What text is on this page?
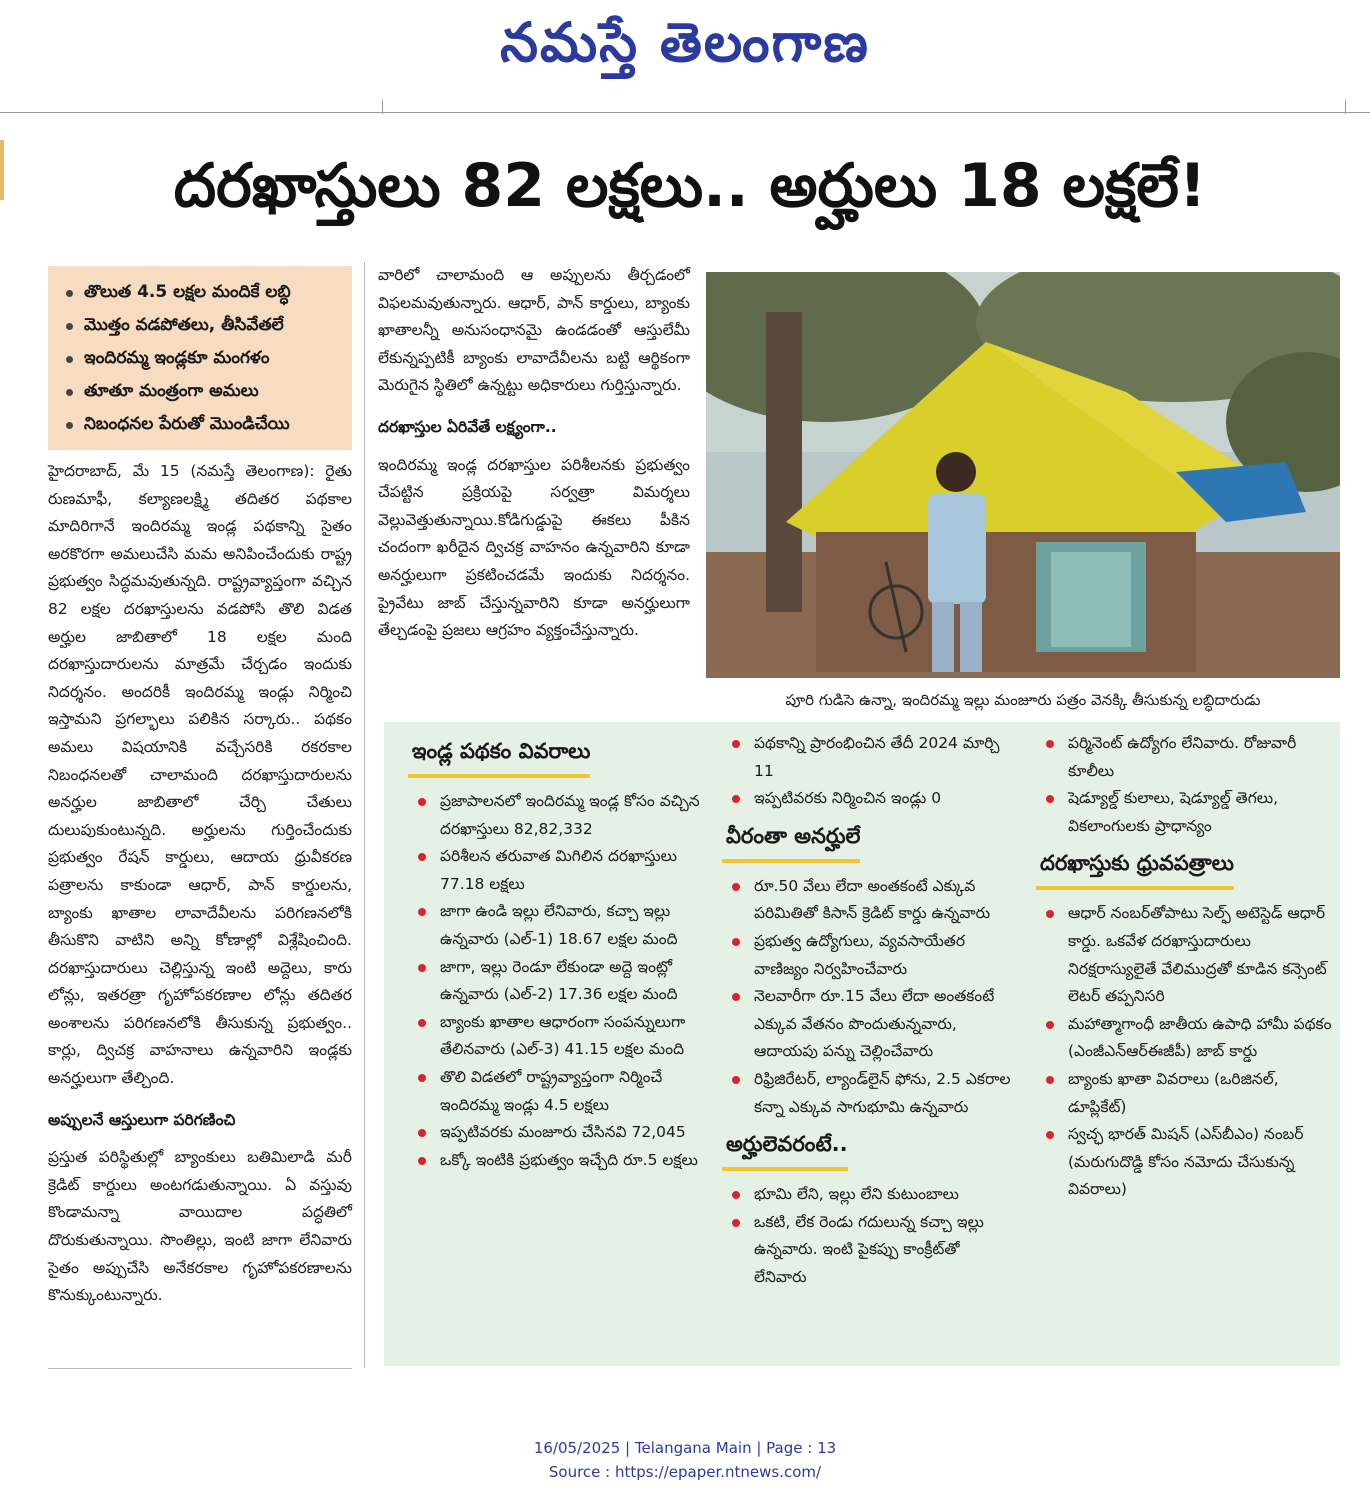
నమస్తే తెలంగాణ
దరఖాస్తులు 82 లక్షలు.. అర్హులు 18 లక్షలే!
తొలుత 4.5 లక్షల మందికే లబ్ధి
మొత్తం వడపోతలు, తీసివేతలే
ఇందిరమ్మ ఇండ్లకూ మంగళం
తూతూ మంత్రంగా అమలు
నిబంధనల పేరుతో మొండిచేయి

హైదరాబాద్, మే 15 (నమస్తే తెలంగాణ): రైతు రుణమాఫీ, కల్యాణలక్ష్మి తదితర పథకాల మాదిరిగానే ఇందిరమ్మ ఇండ్ల పథకాన్ని సైతం అరకొరగా అమలుచేసి మమ అనిపించేందుకు రాష్ట్ర ప్రభుత్వం సిద్ధమవుతున్నది. రాష్ట్రవ్యాప్తంగా వచ్చిన 82 లక్షల దరఖాస్తులను వడపోసి తొలి విడత అర్హుల జాబితాలో 18 లక్షల మంది దరఖాస్తుదారులను మాత్రమే చేర్చడం ఇందుకు నిదర్శనం. అందరికీ ఇందిరమ్మ ఇండ్లు నిర్మించి ఇస్తామని ప్రగల్భాలు పలికిన సర్కారు.. పథకం అమలు విషయానికి వచ్చేసరికి రకరకాల నిబంధనలతో చాలామంది దరఖాస్తుదారులను అనర్హుల జాబితాలో చేర్చి చేతులు దులుపుకుంటున్నది. అర్హులను గుర్తించేందుకు ప్రభుత్వం రేషన్ కార్డులు, ఆదాయ ధ్రువీకరణ పత్రాలను కాకుండా ఆధార్, పాన్ కార్డులను, బ్యాంకు ఖాతాల లావాదేవీలను పరిగణనలోకి తీసుకొని వాటిని అన్ని కోణాల్లో విశ్లేషించింది. దరఖాస్తుదారులు చెల్లిస్తున్న ఇంటి అద్దెలు, కారు లోన్లు, ఇతరత్రా గృహోపకరణాల లోన్లు తదితర అంశాలను పరిగణనలోకి తీసుకున్న ప్రభుత్వం.. కార్లు, ద్విచక్ర వాహనాలు ఉన్నవారిని ఇండ్లకు అనర్హులుగా తేల్చింది.

అప్పులనే ఆస్తులుగా పరిగణించి

ప్రస్తుత పరిస్థితుల్లో బ్యాంకులు బతిమిలాడి మరీ క్రెడిట్ కార్డులు అంటగడుతున్నాయి. ఏ వస్తువు కొండామన్నా వాయిదాల పద్ధతిలో దొరుకుతున్నాయి. సొంతిల్లు, ఇంటి జాగా లేనివారు సైతం అప్పుచేసి అనేకరకాల గృహోపకరణాలను కొనుక్కుంటున్నారు.

వారిలో చాలామంది ఆ అప్పులను తీర్చడంలో విఫలమవుతున్నారు. ఆధార్, పాన్ కార్డులు, బ్యాంకు ఖాతాలన్నీ అనుసంధానమై ఉండడంతో ఆస్తులేమీ లేకున్నప్పటికీ బ్యాంకు లావాదేవీలను బట్టి ఆర్థికంగా మెరుగైన స్థితిలో ఉన్నట్టు అధికారులు గుర్తిస్తున్నారు.

దరఖాస్తుల ఏరివేతే లక్ష్యంగా..

ఇందిరమ్మ ఇండ్ల దరఖాస్తుల పరిశీలనకు ప్రభుత్వం చేపట్టిన ప్రక్రియపై సర్వత్రా విమర్శలు వెల్లువెత్తుతున్నాయి.కోడిగుడ్డుపై ఈకలు పీకిన చందంగా ఖరీదైన ద్విచక్ర వాహనం ఉన్నవారిని కూడా అనర్హులుగా ప్రకటించడమే ఇందుకు నిదర్శనం. ప్రైవేటు జాబ్ చేస్తున్నవారిని కూడా అనర్హులుగా తేల్చడంపై ప్రజలు ఆగ్రహం వ్యక్తంచేస్తున్నారు.

పూరి గుడిసె ఉన్నా, ఇందిరమ్మ ఇల్లు మంజూరు పత్రం వెనక్కి తీసుకున్న లబ్ధిదారుడు
ఇండ్ల పథకం వివరాలు
ప్రజాపాలనలో ఇందిరమ్మ ఇండ్ల కోసం వచ్చిన దరఖాస్తులు 82,82,332
పరిశీలన తరువాత మిగిలిన దరఖాస్తులు 77.18 లక్షలు
జాగా ఉండి ఇల్లు లేనివారు, కచ్చా ఇల్లు ఉన్నవారు (ఎల్-1) 18.67 లక్షల మంది
జాగా, ఇల్లు రెండూ లేకుండా అద్దె ఇంట్లో ఉన్నవారు (ఎల్-2) 17.36 లక్షల మంది
బ్యాంకు ఖాతాల ఆధారంగా సంపన్నులుగా తేలినవారు (ఎల్-3) 41.15 లక్షల మంది
తొలి విడతలో రాష్ట్రవ్యాప్తంగా నిర్మించే ఇందిరమ్మ ఇండ్లు 4.5 లక్షలు
ఇప్పటివరకు మంజూరు చేసినవి 72,045
ఒక్కో ఇంటికి ప్రభుత్వం ఇచ్చేది రూ.5 లక్షలు
పథకాన్ని ప్రారంభించిన తేదీ 2024 మార్చి 11
ఇప్పటివరకు నిర్మించిన ఇండ్లు 0
వీరంతా అనర్హులే
రూ.50 వేలు లేదా అంతకంటే ఎక్కువ పరిమితితో కిసాన్ క్రెడిట్ కార్డు ఉన్నవారు
ప్రభుత్వ ఉద్యోగులు, వ్యవసాయేతర వాణిజ్యం నిర్వహించేవారు
నెలవారీగా రూ.15 వేలు లేదా అంతకంటే ఎక్కువ వేతనం పొందుతున్నవారు, ఆదాయపు పన్ను చెల్లించేవారు
రిఫ్రిజిరేటర్, ల్యాండ్‌లైన్ ఫోను, 2.5 ఎకరాల కన్నా ఎక్కువ సాగుభూమి ఉన్నవారు
అర్హులెవరంటే..
భూమి లేని, ఇల్లు లేని కుటుంబాలు
ఒకటి, లేక రెండు గదులున్న కచ్చా ఇల్లు ఉన్నవారు. ఇంటి పైకప్పు కాంక్రీట్‌తో లేనివారు
పర్మినెంట్ ఉద్యోగం లేనివారు. రోజువారీ కూలీలు
షెడ్యూల్డ్ కులాలు, షెడ్యూల్డ్ తెగలు, వికలాంగులకు ప్రాధాన్యం
దరఖాస్తుకు ధ్రువపత్రాలు
ఆధార్ నంబర్‌తోపాటు సెల్ఫ్ అటెస్టెడ్ ఆధార్ కార్డు. ఒకవేళ దరఖాస్తుదారులు నిరక్షరాస్యులైతే వేలిముద్రతో కూడిన కన్సెంట్ లెటర్ తప్పనిసరి
మహాత్మాగాంధీ జాతీయ ఉపాధి హామీ పథకం (ఎంజీఎన్ఆర్ఈజీపీ) జాబ్ కార్డు
బ్యాంకు ఖాతా వివరాలు (ఒరిజినల్, డూప్లికేట్)
స్వచ్ఛ భారత్ మిషన్ (ఎస్‌బీఎం) నంబర్ (మరుగుదొడ్డి కోసం నమోదు చేసుకున్న వివరాలు)
16/05/2025 | Telangana Main | Page : 13
Source : https://epaper.ntnews.com/
